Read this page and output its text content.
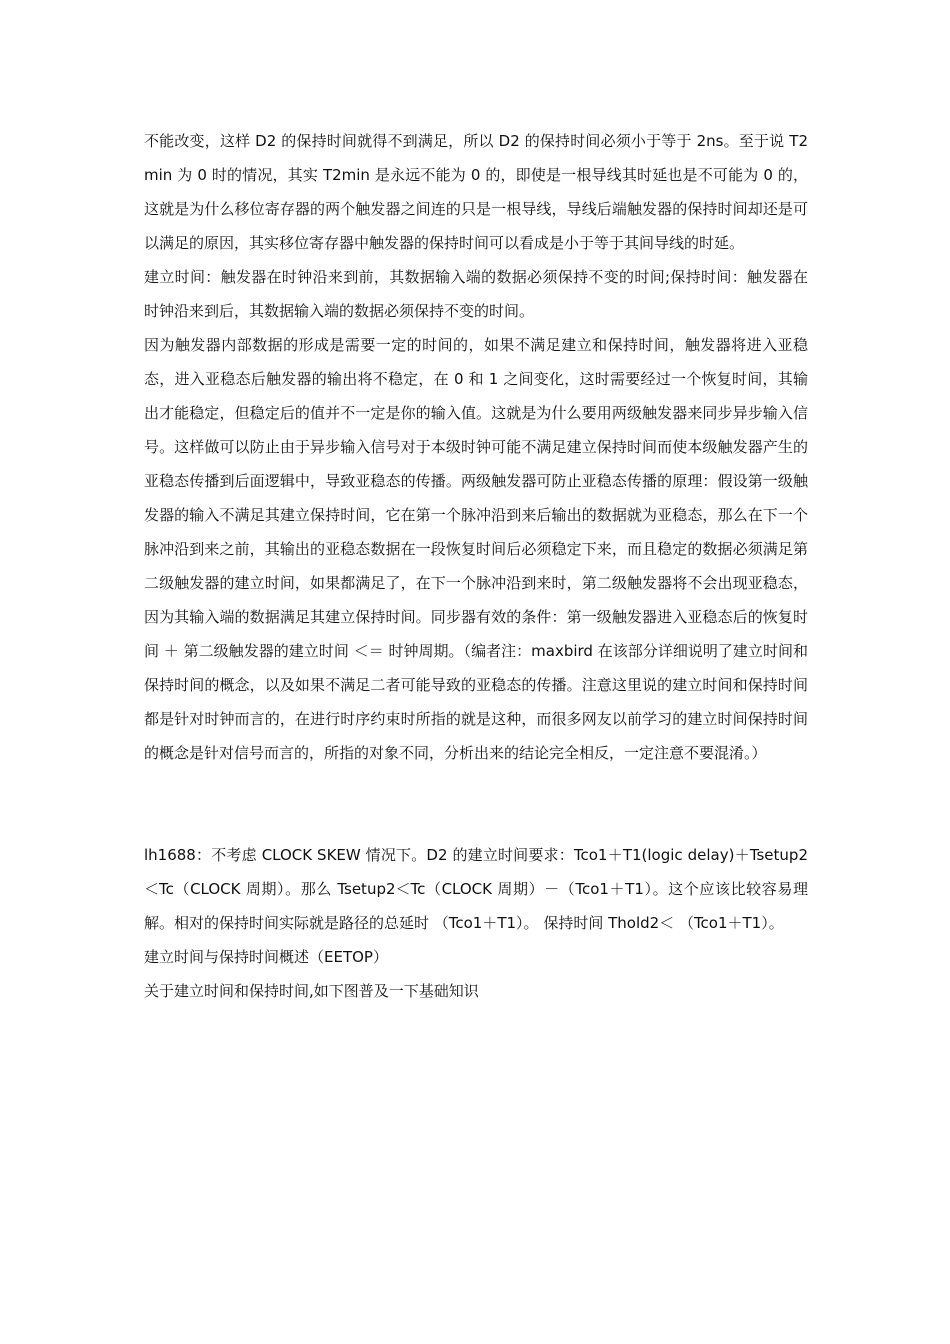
不能改变，这样 D2 的保持时间就得不到满足，所以 D2 的保持时间必须小于等于 2ns。至于说 T2min 为 0 时的情况，其实 T2min 是永远不能为 0 的，即使是一根导线其时延也是不可能为 0 的，这就是为什么移位寄存器的两个触发器之间连的只是一根导线，导线后端触发器的保持时间却还是可以满足的原因，其实移位寄存器中触发器的保持时间可以看成是小于等于其间导线的时延。

建立时间：触发器在时钟沿来到前，其数据输入端的数据必须保持不变的时间;保持时间：触发器在时钟沿来到后，其数据输入端的数据必须保持不变的时间。

因为触发器内部数据的形成是需要一定的时间的，如果不满足建立和保持时间，触发器将进入亚稳态，进入亚稳态后触发器的输出将不稳定，在 0 和 1 之间变化，这时需要经过一个恢复时间，其输出才能稳定，但稳定后的值并不一定是你的输入值。这就是为什么要用两级触发器来同步异步输入信号。这样做可以防止由于异步输入信号对于本级时钟可能不满足建立保持时间而使本级触发器产生的亚稳态传播到后面逻辑中，导致亚稳态的传播。两级触发器可防止亚稳态传播的原理：假设第一级触发器的输入不满足其建立保持时间，它在第一个脉冲沿到来后输出的数据就为亚稳态，那么在下一个脉冲沿到来之前，其输出的亚稳态数据在一段恢复时间后必须稳定下来，而且稳定的数据必须满足第二级触发器的建立时间，如果都满足了，在下一个脉冲沿到来时，第二级触发器将不会出现亚稳态，因为其输入端的数据满足其建立保持时间。同步器有效的条件：第一级触发器进入亚稳态后的恢复时间 ＋ 第二级触发器的建立时间 ＜＝ 时钟周期。（编者注：maxbird 在该部分详细说明了建立时间和保持时间的概念，以及如果不满足二者可能导致的亚稳态的传播。注意这里说的建立时间和保持时间都是针对时钟而言的，在进行时序约束时所指的就是这种，而很多网友以前学习的建立时间保持时间的概念是针对信号而言的，所指的对象不同，分析出来的结论完全相反，一定注意不要混淆。）

lh1688：不考虑 CLOCK SKEW 情况下。D2 的建立时间要求：Tco1＋T1(logic delay)＋Tsetup2＜Tc（CLOCK 周期）。那么 Tsetup2＜Tc（CLOCK 周期）－（Tco1＋T1）。这个应该比较容易理解。相对的保持时间实际就是路径的总延时 （Tco1＋T1）。 保持时间 Thold2＜ （Tco1＋T1）。

建立时间与保持时间概述（EETOP）

关于建立时间和保持时间,如下图普及一下基础知识
